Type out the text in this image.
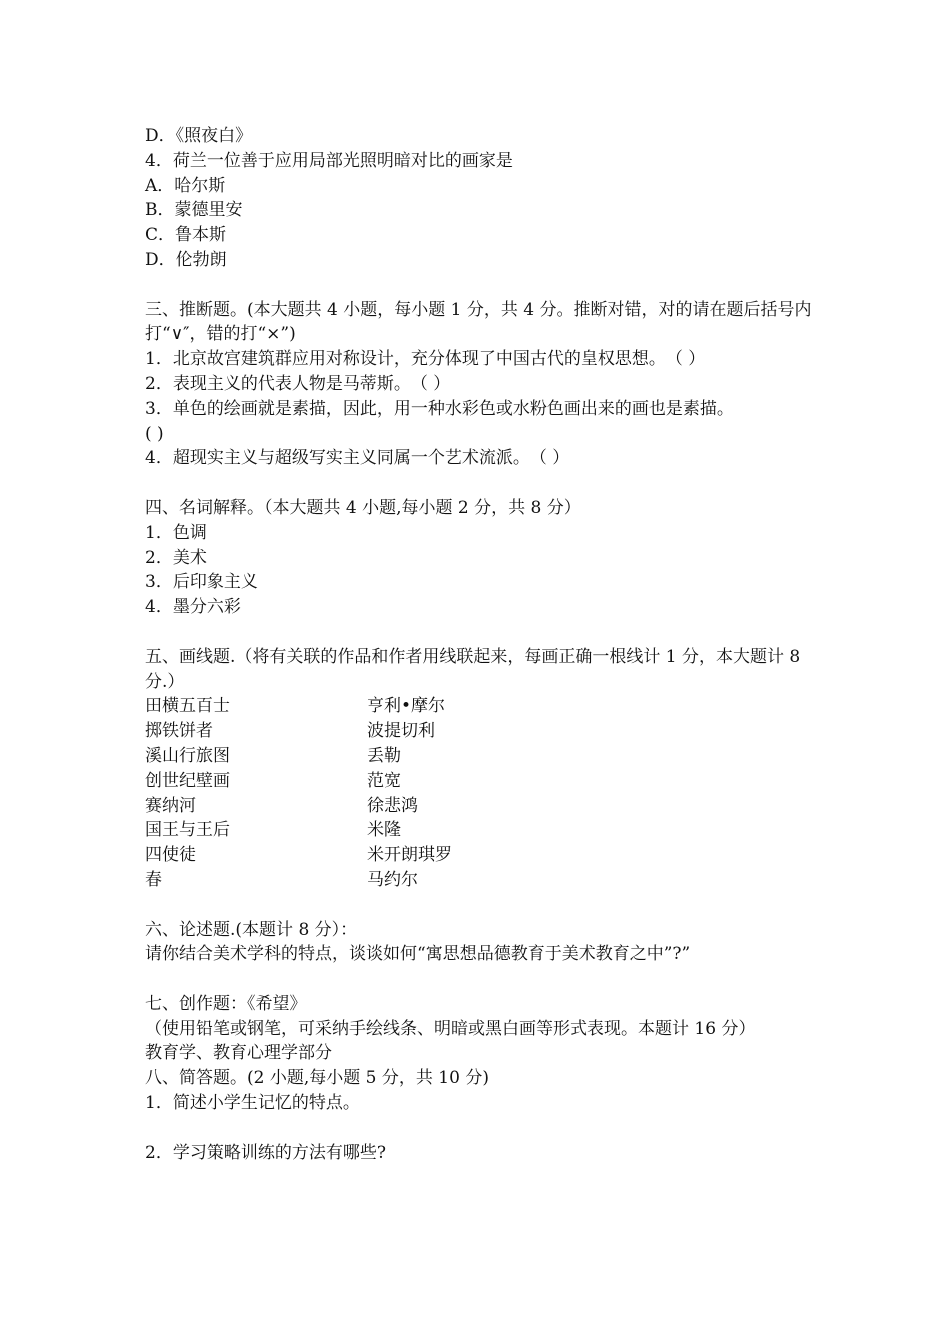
D．《照夜白》
4．荷兰一位善于应用局部光照明暗对比的画家是
A．哈尔斯
B．蒙德里安
C．鲁本斯
D．伦勃朗
三、推断题。(本大题共 4 小题，每小题 1 分，共 4 分。推断对错，对的请在题后括号内打“∨″，错的打“×”)
1．北京故宫建筑群应用对称设计，充分体现了中国古代的皇权思想。　（ ）
2．表现主义的代表人物是马蒂斯。　（ ）
3．单色的绘画就是素描，因此，用一种水彩色或水粉色画出来的画也是素描。
( )
4．超现实主义与超级写实主义同属一个艺术流派。　（ ）
四、名词解释。（本大题共 4 小题,每小题 2 分，共 8 分）
1．色调
2．美术
3．后印象主义
4．墨分六彩
五、画线题.（将有关联的作品和作者用线联起来，每画正确一根线计 1 分，本大题计 8 分.）
田横五百士	亨利•摩尔
掷铁饼者	波提切利
溪山行旅图	丢勒
创世纪壁画	范宽
赛纳河	徐悲鸿
国王与王后	米隆
四使徒	米开朗琪罗
春	马约尔
六、论述题.(本题计 8 分）：
请你结合美术学科的特点，谈谈如何“寓思想品德教育于美术教育之中”?”
七、创作题：《希望》
（使用铅笔或钢笔，可采纳手绘线条、明暗或黑白画等形式表现。本题计 16 分）
教育学、教育心理学部分
八、简答题。(2 小题,每小题 5 分，共 10 分)
1．简述小学生记忆的特点。
2．学习策略训练的方法有哪些?
